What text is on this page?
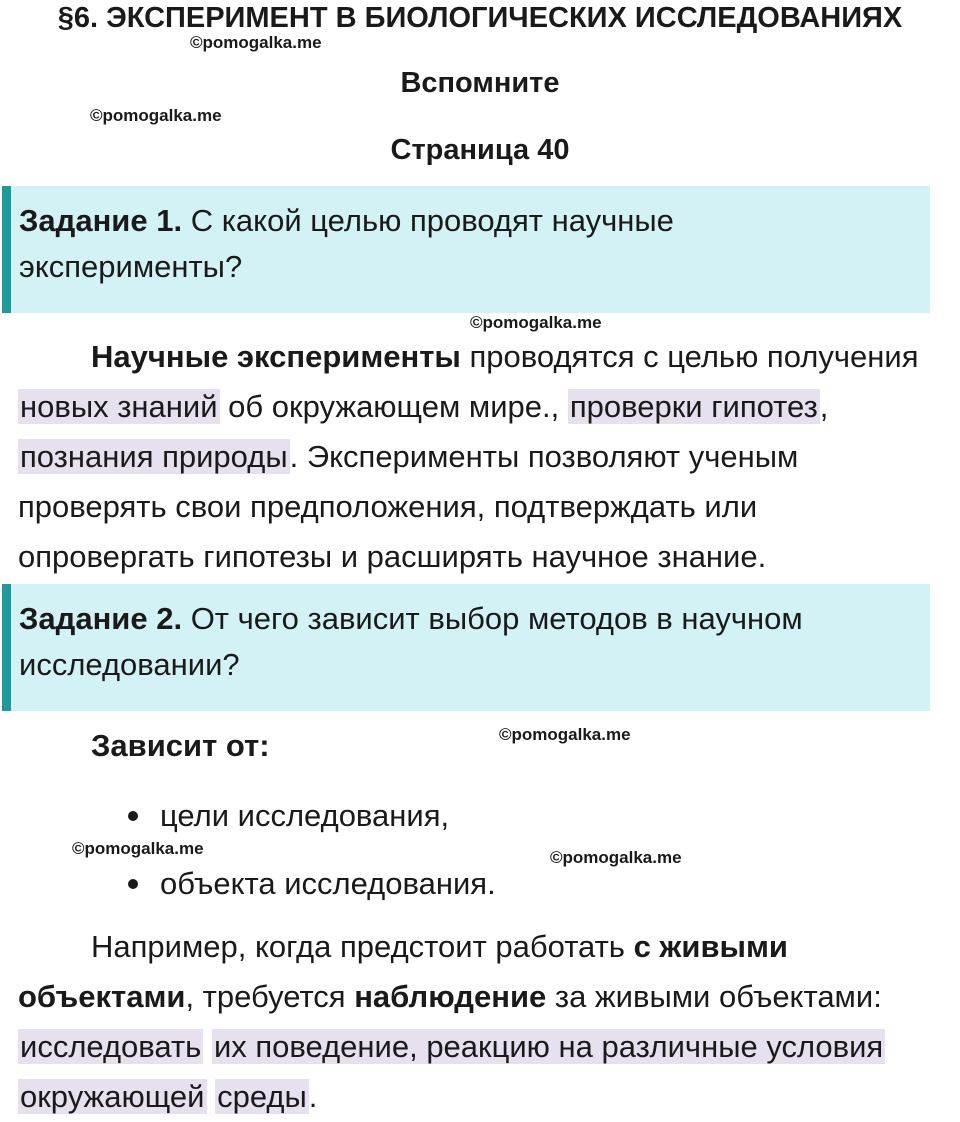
§6. ЭКСПЕРИМЕНТ В БИОЛОГИЧЕСКИХ ИССЛЕДОВАНИЯХ
Вспомните
Страница 40
©pomogalka.me
©pomogalka.me
©pomogalka.me
©pomogalka.me
©pomogalka.me	©pomogalka.me
Задание 1. С какой целью проводят научные
эксперименты?

Научные эксперименты проводятся с целью получения
новых знаний об окружающем мире., проверки гипотез,
познания природы. Эксперименты позволяют ученым
проверять свои предположения, подтверждать или
опровергать гипотезы и расширять научное знание.

Задание 2. От чего зависит выбор методов в научном
исследовании?

Зависит от:

цели исследования,

объекта исследования.

Например, когда предстоит работать с живыми
объектами, требуется наблюдение за живыми объектами:
исследовать их поведение, реакцию на различные условия
окружающей среды.
